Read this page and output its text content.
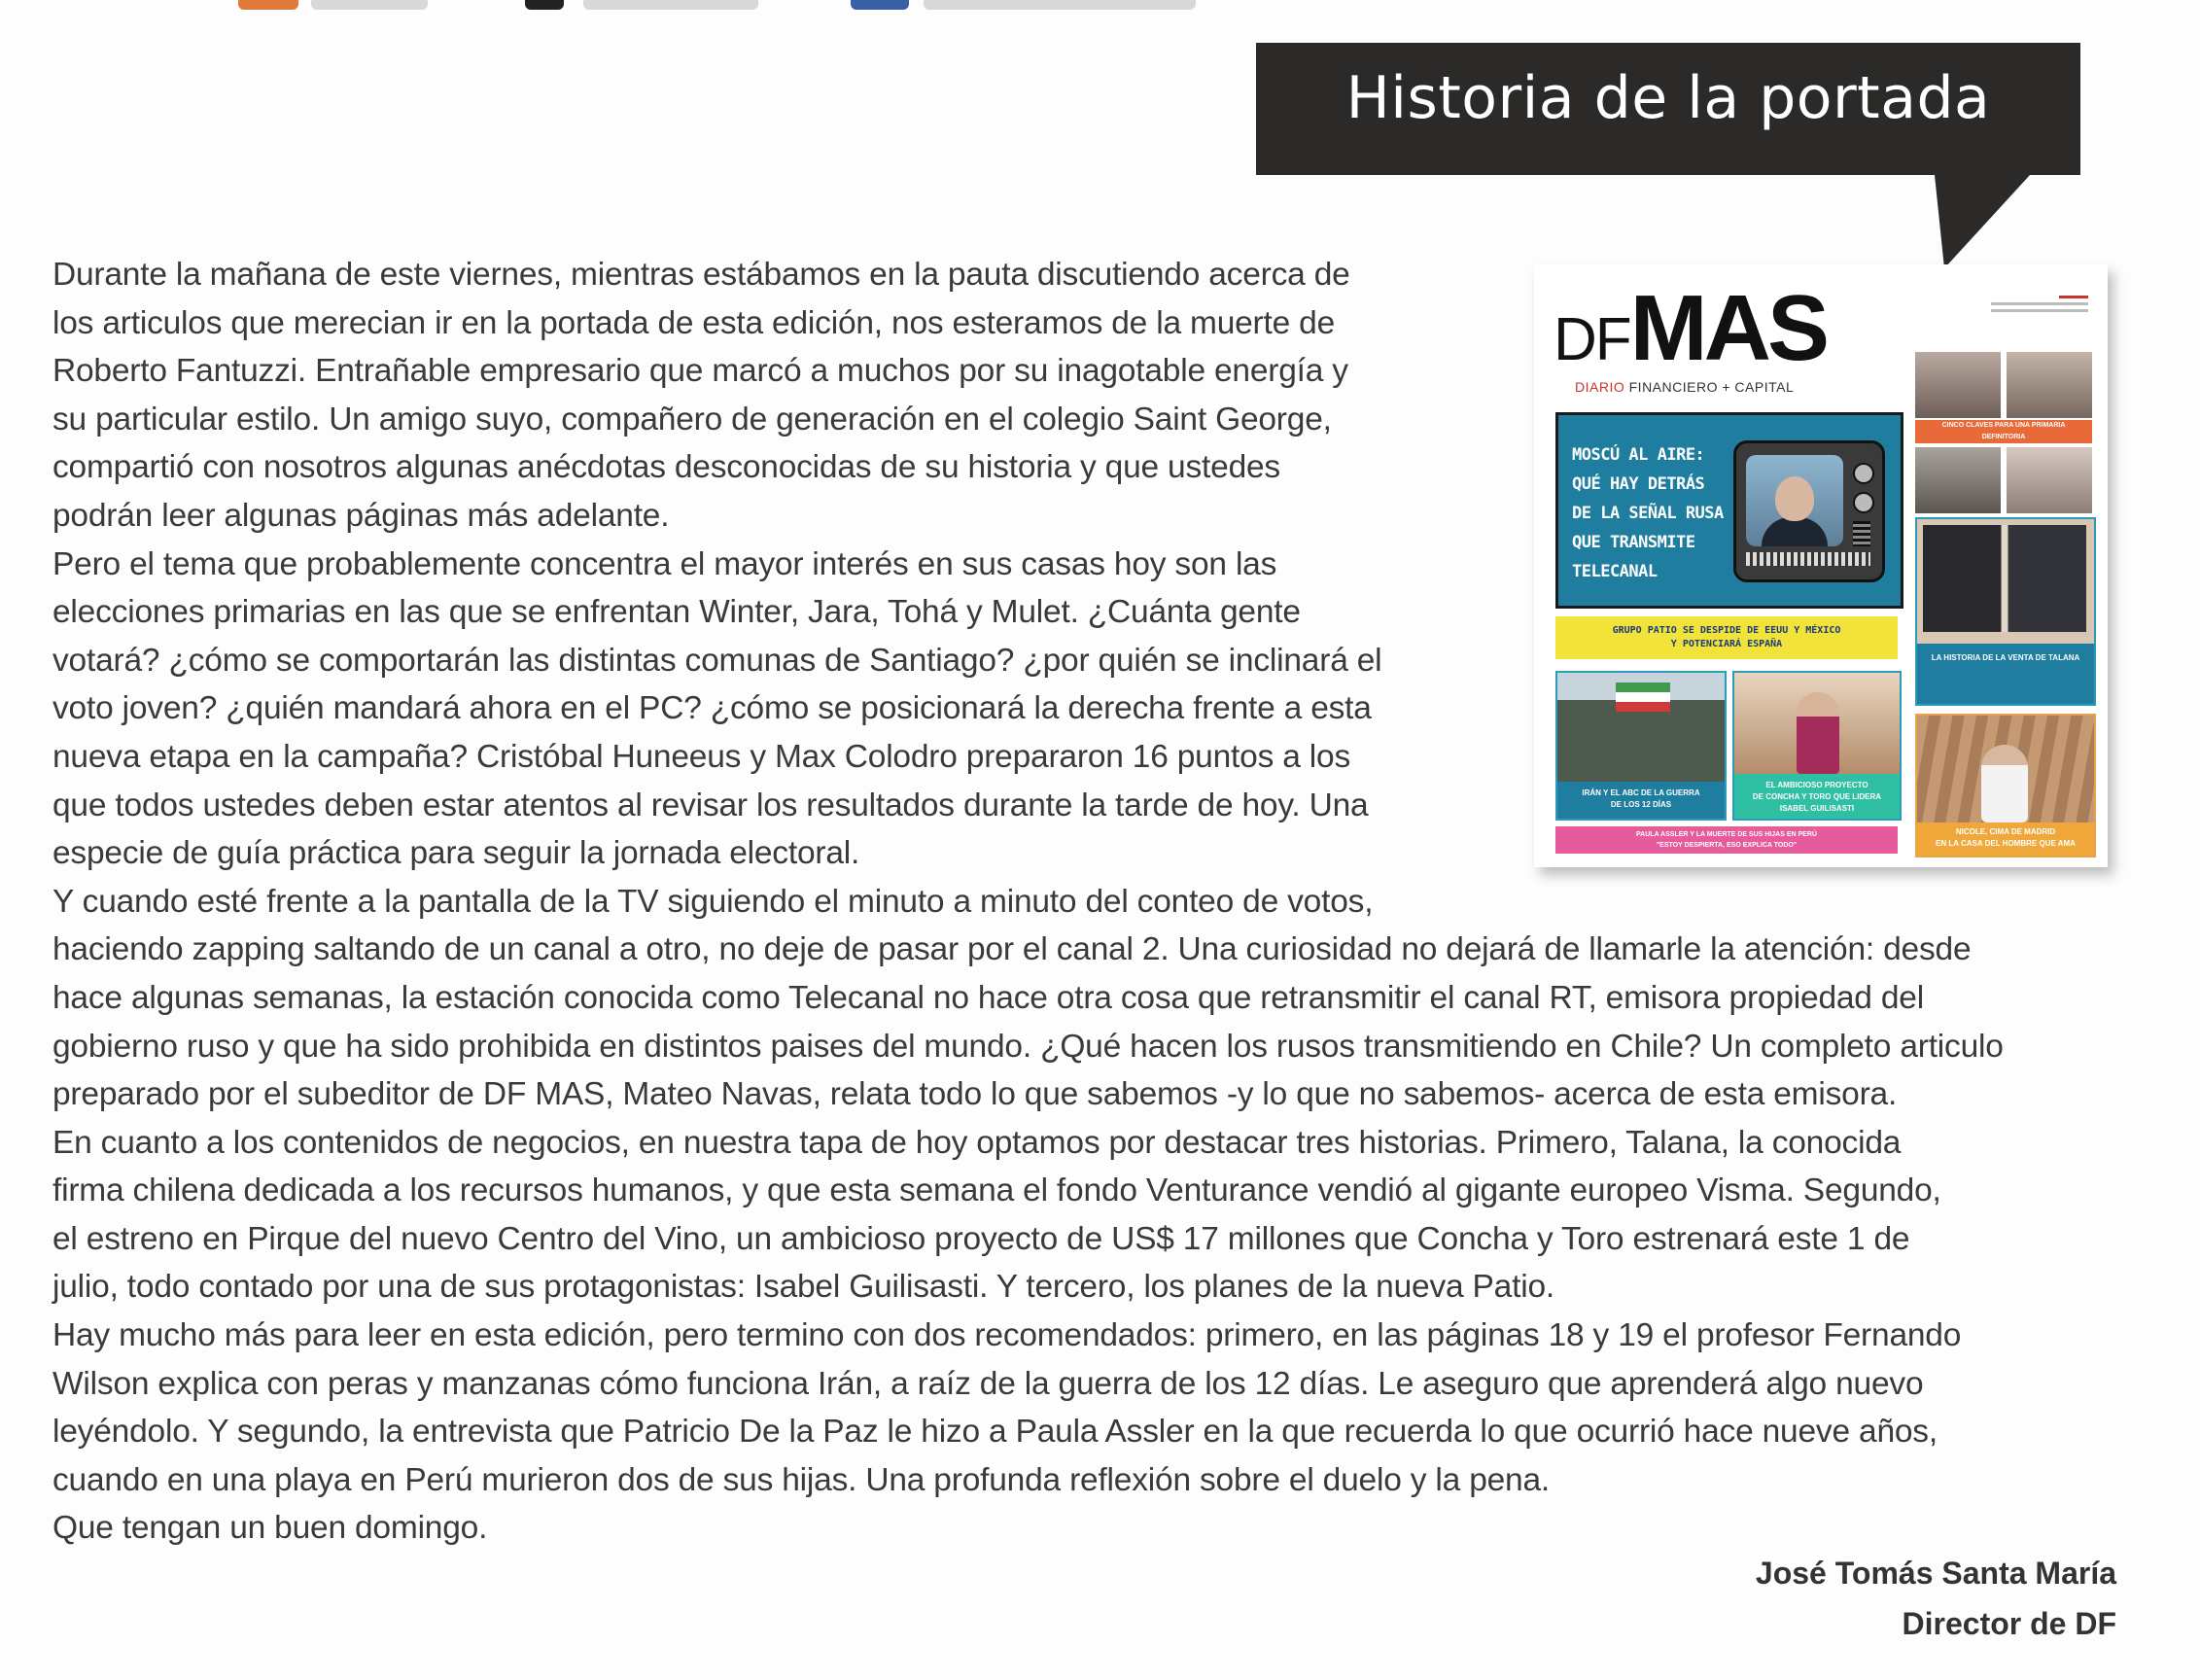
Historia de la portada
DFMAS
DIARIO FINANCIERO + CAPITAL
MOSCÚ AL AIRE:
QUÉ HAY DETRÁS
DE LA SEÑAL RUSA
QUE TRANSMITE
TELECANAL
GRUPO PATIO SE DESPIDE DE EEUU Y MÉXICO
Y POTENCIARÁ ESPAÑA
CINCO CLAVES PARA UNA PRIMARIA
DEFINITORIA
LA HISTORIA DE LA VENTA DE TALANA
IRÁN Y EL ABC DE LA GUERRA
DE LOS 12 DÍAS
EL AMBICIOSO PROYECTO
DE CONCHA Y TORO QUE LIDERA
ISABEL GUILISASTI
NICOLE, CIMA DE MADRID
EN LA CASA DEL HOMBRE QUE AMA
PAULA ASSLER Y LA MUERTE DE SUS HIJAS EN PERÚ
"ESTOY DESPIERTA, ESO EXPLICA TODO"
Durante la mañana de este viernes, mientras estábamos en la pauta discutiendo acerca de
los articulos que merecian ir en la portada de esta edición, nos esteramos de la muerte de
Roberto Fantuzzi. Entrañable empresario que marcó a muchos por su inagotable energía y
su particular estilo. Un amigo suyo, compañero de generación en el colegio Saint George,
compartió con nosotros algunas anécdotas desconocidas de su historia y que ustedes
podrán leer algunas páginas más adelante.
Pero el tema que probablemente concentra el mayor interés en sus casas hoy son las
elecciones primarias en las que se enfrentan Winter, Jara, Tohá y Mulet. ¿Cuánta gente
votará? ¿cómo se comportarán las distintas comunas de Santiago? ¿por quién se inclinará el
voto joven? ¿quién mandará ahora en el PC? ¿cómo se posicionará la derecha frente a esta
nueva etapa en la campaña? Cristóbal Huneeus y Max Colodro prepararon 16 puntos a los
que todos ustedes deben estar atentos al revisar los resultados durante la tarde de hoy. Una
especie de guía práctica para seguir la jornada electoral.
Y cuando esté frente a la pantalla de la TV siguiendo el minuto a minuto del conteo de votos,
haciendo zapping saltando de un canal a otro, no deje de pasar por el canal 2. Una curiosidad no dejará de llamarle la atención: desde
hace algunas semanas, la estación conocida como Telecanal no hace otra cosa que retransmitir el canal RT, emisora propiedad del
gobierno ruso y que ha sido prohibida en distintos paises del mundo. ¿Qué hacen los rusos transmitiendo en Chile? Un completo articulo
preparado por el subeditor de DF MAS, Mateo Navas, relata todo lo que sabemos -y lo que no sabemos- acerca de esta emisora.
En cuanto a los contenidos de negocios, en nuestra tapa de hoy optamos por destacar tres historias. Primero, Talana, la conocida
firma chilena dedicada a los recursos humanos, y que esta semana el fondo Venturance vendió al gigante europeo Visma. Segundo,
el estreno en Pirque del nuevo Centro del Vino, un ambicioso proyecto de US$ 17 millones que Concha y Toro estrenará este 1 de
julio, todo contado por una de sus protagonistas: Isabel Guilisasti. Y tercero, los planes de la nueva Patio.
Hay mucho más para leer en esta edición, pero termino con dos recomendados: primero, en las páginas 18 y 19 el profesor Fernando
Wilson explica con peras y manzanas cómo funciona Irán, a raíz de la guerra de los 12 días. Le aseguro que aprenderá algo nuevo
leyéndolo. Y segundo, la entrevista que Patricio De la Paz le hizo a Paula Assler en la que recuerda lo que ocurrió hace nueve años,
cuando en una playa en Perú murieron dos de sus hijas. Una profunda reflexión sobre el duelo y la pena.
Que tengan un buen domingo.
José Tomás Santa María
Director de DF
